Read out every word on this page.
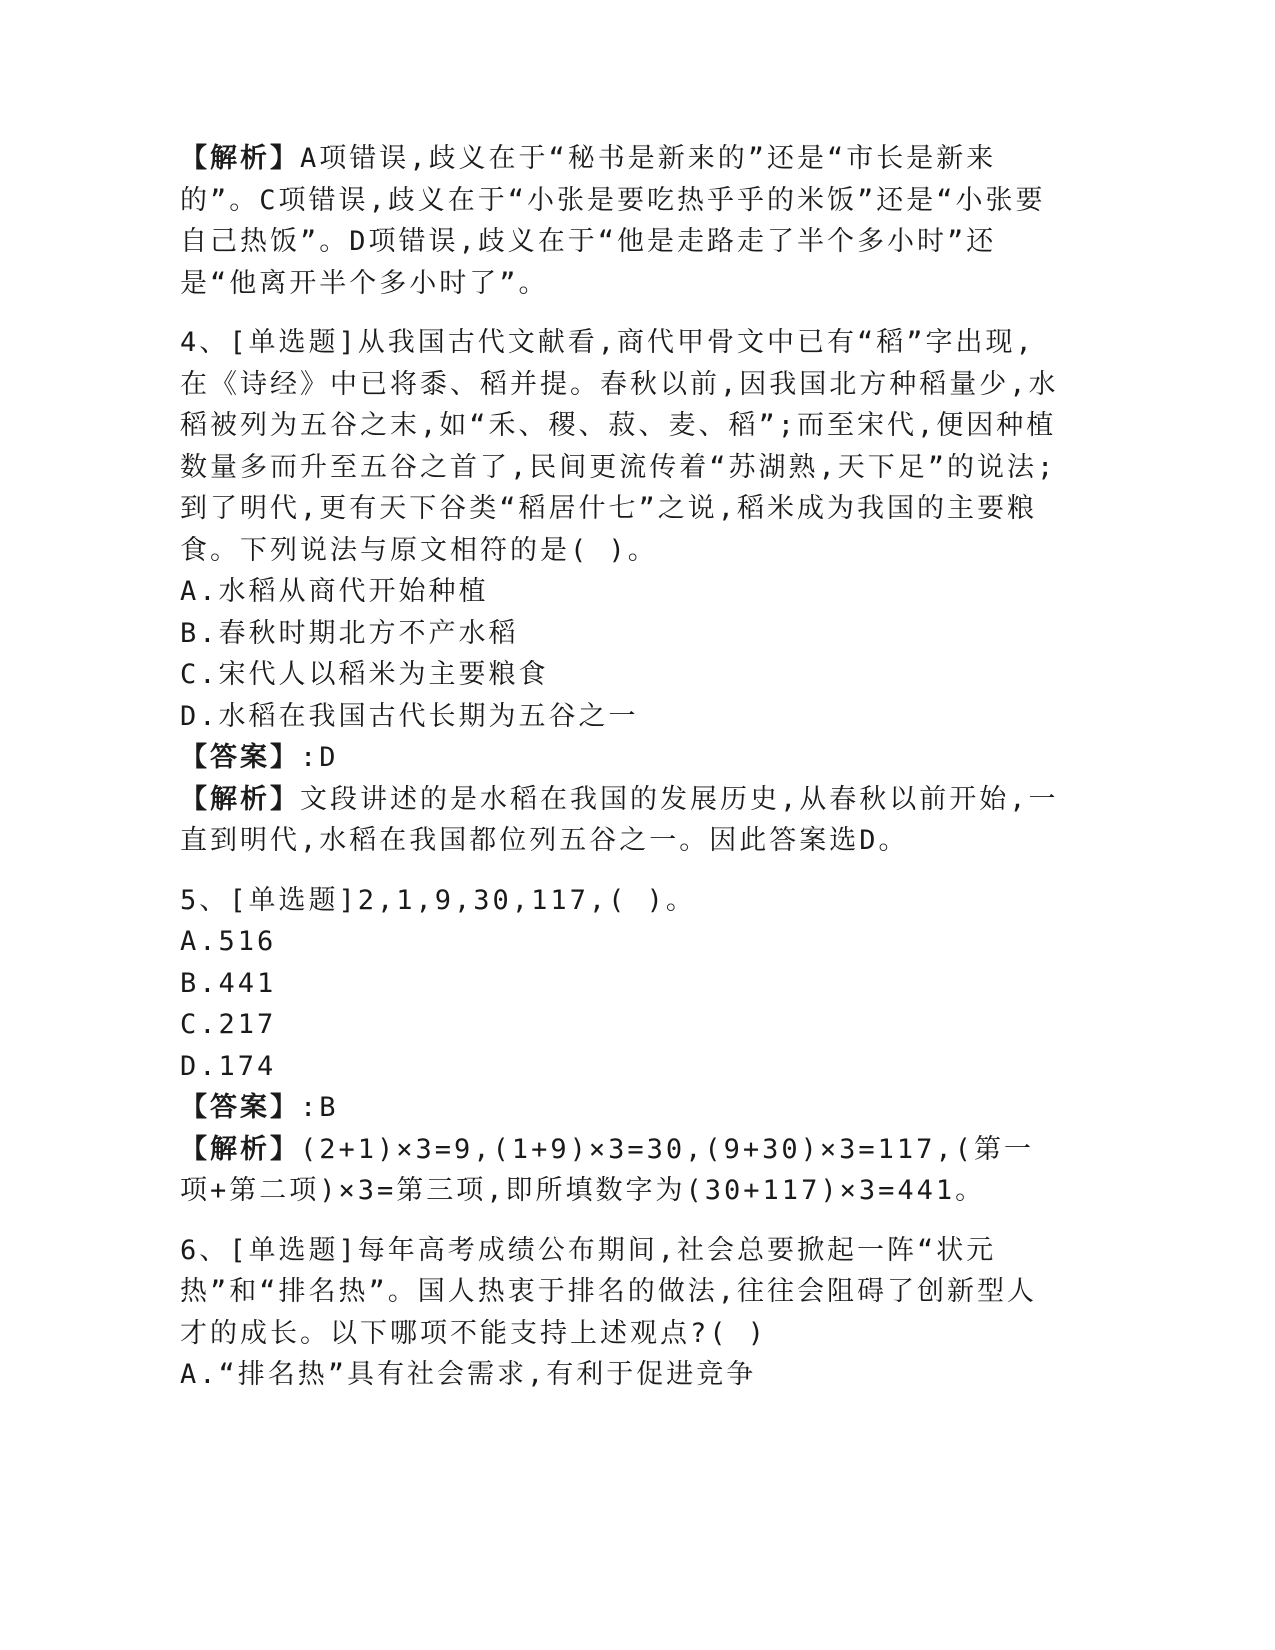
【解析】A项错误,歧义在于“秘书是新来的”还是“市长是新来的”。C项错误,歧义在于“小张是要吃热乎乎的米饭”还是“小张要自己热饭”。D项错误,歧义在于“他是走路走了半个多小时”还是“他离开半个多小时了”。

4、[单选题]从我国古代文献看,商代甲骨文中已有“稻”字出现,在《诗经》中已将黍、稻并提。春秋以前,因我国北方种稻量少,水稻被列为五谷之末,如“禾、稷、菽、麦、稻”;而至宋代,便因种植数量多而升至五谷之首了,民间更流传着“苏湖熟,天下足”的说法;到了明代,更有天下谷类“稻居什七”之说,稻米成为我国的主要粮食。下列说法与原文相符的是( )。

A.水稻从商代开始种植

B.春秋时期北方不产水稻

C.宋代人以稻米为主要粮食

D.水稻在我国古代长期为五谷之一

【答案】:D

【解析】文段讲述的是水稻在我国的发展历史,从春秋以前开始,一直到明代,水稻在我国都位列五谷之一。因此答案选D。

5、[单选题]2,1,9,30,117,( )。

A.516

B.441

C.217

D.174

【答案】:B

【解析】(2+1)×3=9,(1+9)×3=30,(9+30)×3=117,(第一项+第二项)×3=第三项,即所填数字为(30+117)×3=441。

6、[单选题]每年高考成绩公布期间,社会总要掀起一阵“状元热”和“排名热”。国人热衷于排名的做法,往往会阻碍了创新型人才的成长。以下哪项不能支持上述观点?( )

A.“排名热”具有社会需求,有利于促进竞争
